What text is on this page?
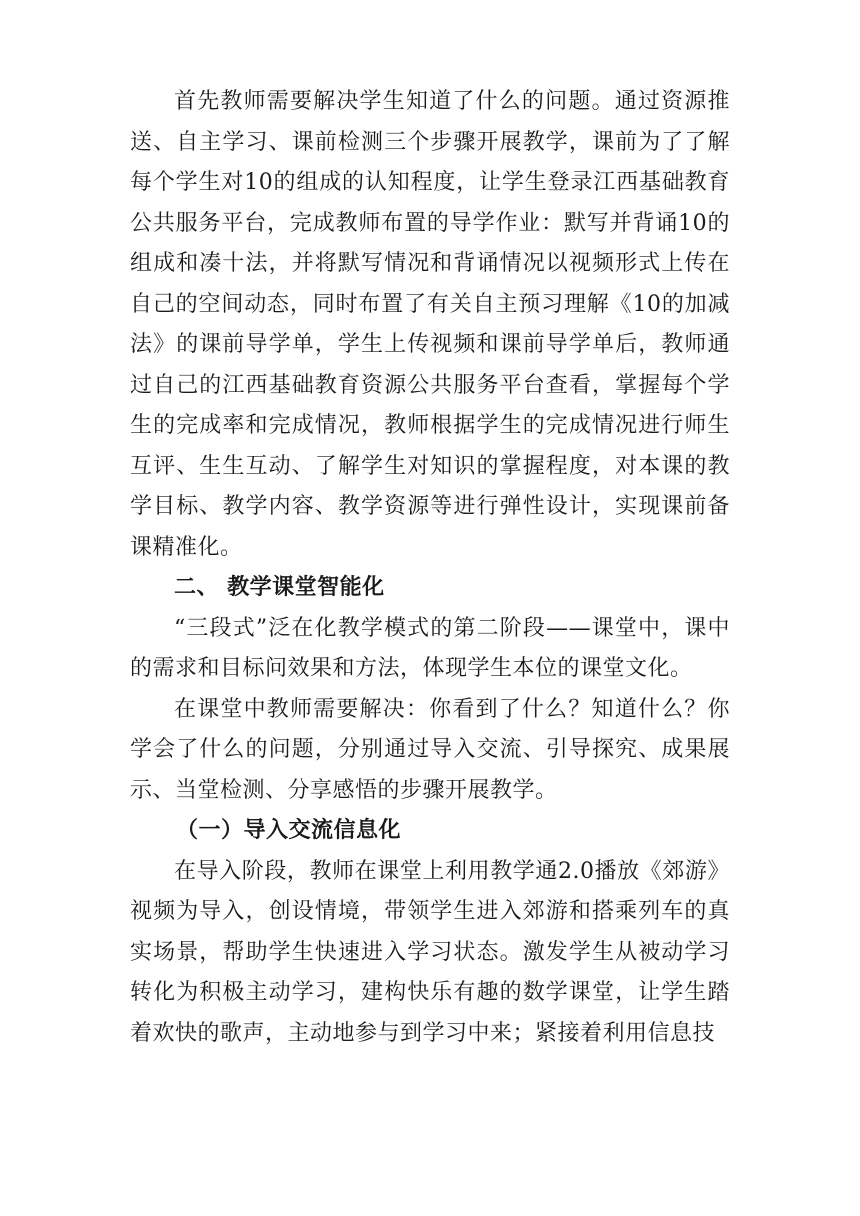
首先教师需要解决学生知道了什么的问题。通过资源推送、自主学习、课前检测三个步骤开展教学，课前为了了解每个学生对10的组成的认知程度，让学生登录江西基础教育公共服务平台，完成教师布置的导学作业：默写并背诵10的组成和凑十法，并将默写情况和背诵情况以视频形式上传在自己的空间动态，同时布置了有关自主预习理解《10的加减法》的课前导学单，学生上传视频和课前导学单后，教师通过自己的江西基础教育资源公共服务平台查看，掌握每个学生的完成率和完成情况，教师根据学生的完成情况进行师生互评、生生互动、了解学生对知识的掌握程度，对本课的教学目标、教学内容、教学资源等进行弹性设计，实现课前备课精准化。

二、 教学课堂智能化

“三段式”泛在化教学模式的第二阶段——课堂中，课中的需求和目标问效果和方法，体现学生本位的课堂文化。

在课堂中教师需要解决：你看到了什么？知道什么？你学会了什么的问题，分别通过导入交流、引导探究、成果展示、当堂检测、分享感悟的步骤开展教学。

（一）导入交流信息化

在导入阶段，教师在课堂上利用教学通2.0播放《郊游》视频为导入，创设情境，带领学生进入郊游和搭乘列车的真实场景，帮助学生快速进入学习状态。激发学生从被动学习转化为积极主动学习，建构快乐有趣的数学课堂，让学生踏着欢快的歌声，主动地参与到学习中来；紧接着利用信息技
